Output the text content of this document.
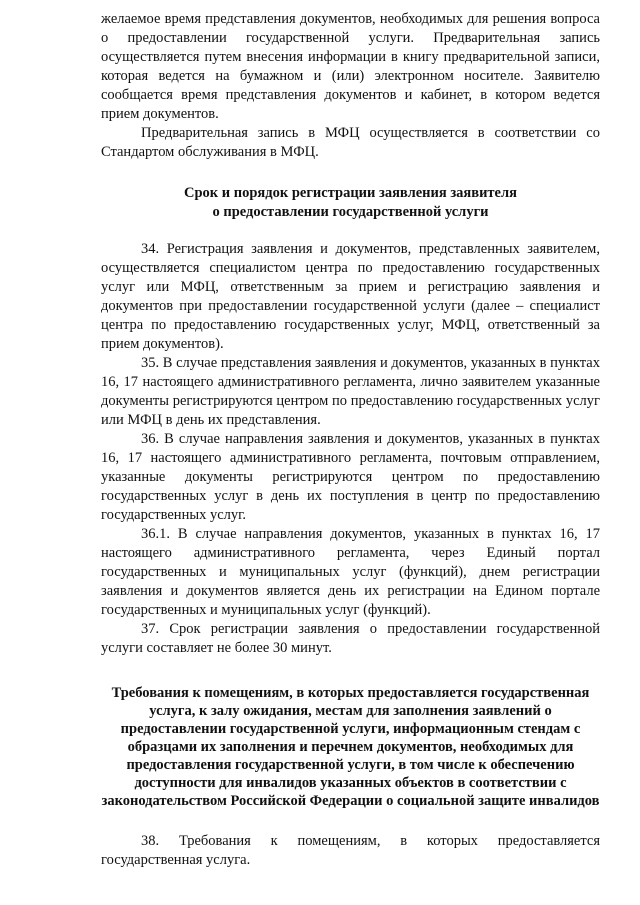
желаемое время представления документов, необходимых для решения вопроса о предоставлении государственной услуги. Предварительная запись осуществляется путем внесения информации в книгу предварительной записи, которая ведется на бумажном и (или) электронном носителе. Заявителю сообщается время представления документов и кабинет, в котором ведется прием документов.

Предварительная запись в МФЦ осуществляется в соответствии со Стандартом обслуживания в МФЦ.

Срок и порядок регистрации заявления заявителя
о предоставлении государственной услуги

34. Регистрация заявления и документов, представленных заявителем, осуществляется специалистом центра по предоставлению государственных услуг или МФЦ, ответственным за прием и регистрацию заявления и документов при предоставлении государственной услуги (далее – специалист центра по предоставлению государственных услуг, МФЦ, ответственный за прием документов).

35. В случае представления заявления и документов, указанных в пунктах 16, 17 настоящего административного регламента, лично заявителем указанные документы регистрируются центром по предоставлению государственных услуг или МФЦ в день их представления.

36. В случае направления заявления и документов, указанных в пунктах 16, 17 настоящего административного регламента, почтовым отправлением, указанные документы регистрируются центром по предоставлению государственных услуг в день их поступления в центр по предоставлению государственных услуг.

36.1. В случае направления документов, указанных в пунктах 16, 17 настоящего административного регламента, через Единый портал государственных и муниципальных услуг (функций), днем регистрации заявления и документов является день их регистрации на Едином портале государственных и муниципальных услуг (функций).

37. Срок регистрации заявления о предоставлении государственной услуги составляет не более 30 минут.

Требования к помещениям, в которых предоставляется государственная услуга, к залу ожидания, местам для заполнения заявлений о предоставлении государственной услуги, информационным стендам с образцами их заполнения и перечнем документов, необходимых для предоставления государственной услуги, в том числе к обеспечению доступности для инвалидов указанных объектов в соответствии с законодательством Российской Федерации о социальной защите инвалидов

38. Требования к помещениям, в которых предоставляется государственная услуга.
